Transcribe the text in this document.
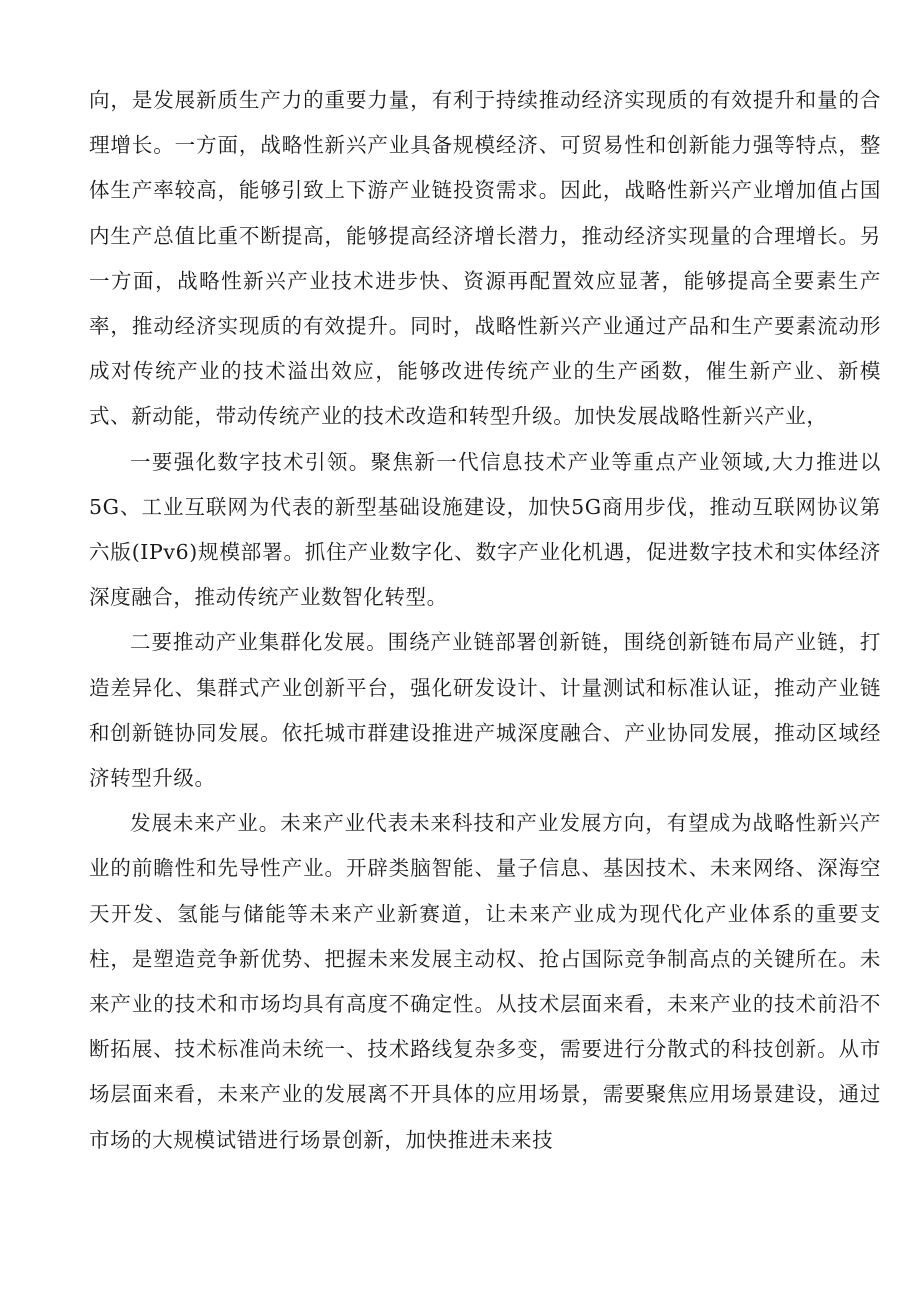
向，是发展新质生产力的重要力量，有利于持续推动经济实现质的有效提升和量的合理增长。一方面，战略性新兴产业具备规模经济、可贸易性和创新能力强等特点，整体生产率较高，能够引致上下游产业链投资需求。因此，战略性新兴产业增加值占国内生产总值比重不断提高，能够提高经济增长潜力，推动经济实现量的合理增长。另一方面，战略性新兴产业技术进步快、资源再配置效应显著，能够提高全要素生产率，推动经济实现质的有效提升。同时，战略性新兴产业通过产品和生产要素流动形成对传统产业的技术溢出效应，能够改进传统产业的生产函数，催生新产业、新模式、新动能，带动传统产业的技术改造和转型升级。加快发展战略性新兴产业，

一要强化数字技术引领。聚焦新一代信息技术产业等重点产业领域,大力推进以5G、工业互联网为代表的新型基础设施建设，加快5G商用步伐，推动互联网协议第六版(IPv6)规模部署。抓住产业数字化、数字产业化机遇，促进数字技术和实体经济深度融合，推动传统产业数智化转型。

二要推动产业集群化发展。围绕产业链部署创新链，围绕创新链布局产业链，打造差异化、集群式产业创新平台，强化研发设计、计量测试和标准认证，推动产业链和创新链协同发展。依托城市群建设推进产城深度融合、产业协同发展，推动区域经济转型升级。

发展未来产业。未来产业代表未来科技和产业发展方向，有望成为战略性新兴产业的前瞻性和先导性产业。开辟类脑智能、量子信息、基因技术、未来网络、深海空天开发、氢能与储能等未来产业新赛道，让未来产业成为现代化产业体系的重要支柱，是塑造竞争新优势、把握未来发展主动权、抢占国际竞争制高点的关键所在。未来产业的技术和市场均具有高度不确定性。从技术层面来看，未来产业的技术前沿不断拓展、技术标准尚未统一、技术路线复杂多变，需要进行分散式的科技创新。从市场层面来看，未来产业的发展离不开具体的应用场景，需要聚焦应用场景建设，通过市场的大规模试错进行场景创新，加快推进未来技
